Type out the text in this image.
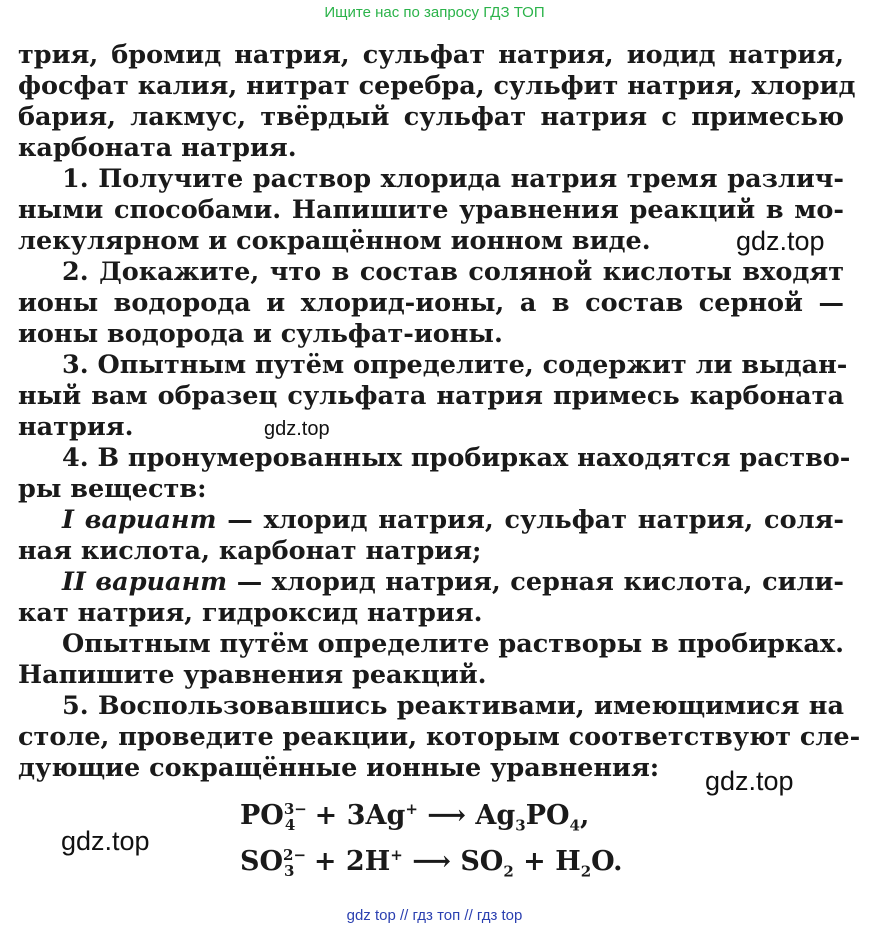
Ищите нас по запросу ГДЗ ТОП
трия, бромид натрия, сульфат натрия, иодид натрия,
фосфат калия, нитрат серебра, сульфит натрия, хлорид
бария, лакмус, твёрдый сульфат натрия с примесью
карбоната натрия.
1. Получите раствор хлорида натрия тремя различ-
ными способами. Напишите уравнения реакций в мо-
лекулярном и сокращённом ионном виде.
2. Докажите, что в состав соляной кислоты входят
ионы водорода и хлорид-ионы, а в состав серной —
ионы водорода и сульфат-ионы.
3. Опытным путём определите, содержит ли выдан-
ный вам образец сульфата натрия примесь карбоната
натрия.
4. В пронумерованных пробирках находятся раство-
ры веществ:
I вариант — хлорид натрия, сульфат натрия, соля-
ная кислота, карбонат натрия;
II вариант — хлорид натрия, серная кислота, сили-
кат натрия, гидроксид натрия.
Опытным путём определите растворы в пробирках.
Напишите уравнения реакций.
5. Воспользовавшись реактивами, имеющимися на
столе, проведите реакции, которым соответствуют сле-
дующие сокращённые ионные уравнения:
$PO^{3-}_4 + 3Ag^+$ ⟶ $Ag_3PO_4$,
$SO^{2-}_3 + 2H^+$ ⟶ $SO_2 + H_2O$.
gdz.top
gdz.top
gdz.top
gdz.top
gdz top // гдз топ // гдз top
